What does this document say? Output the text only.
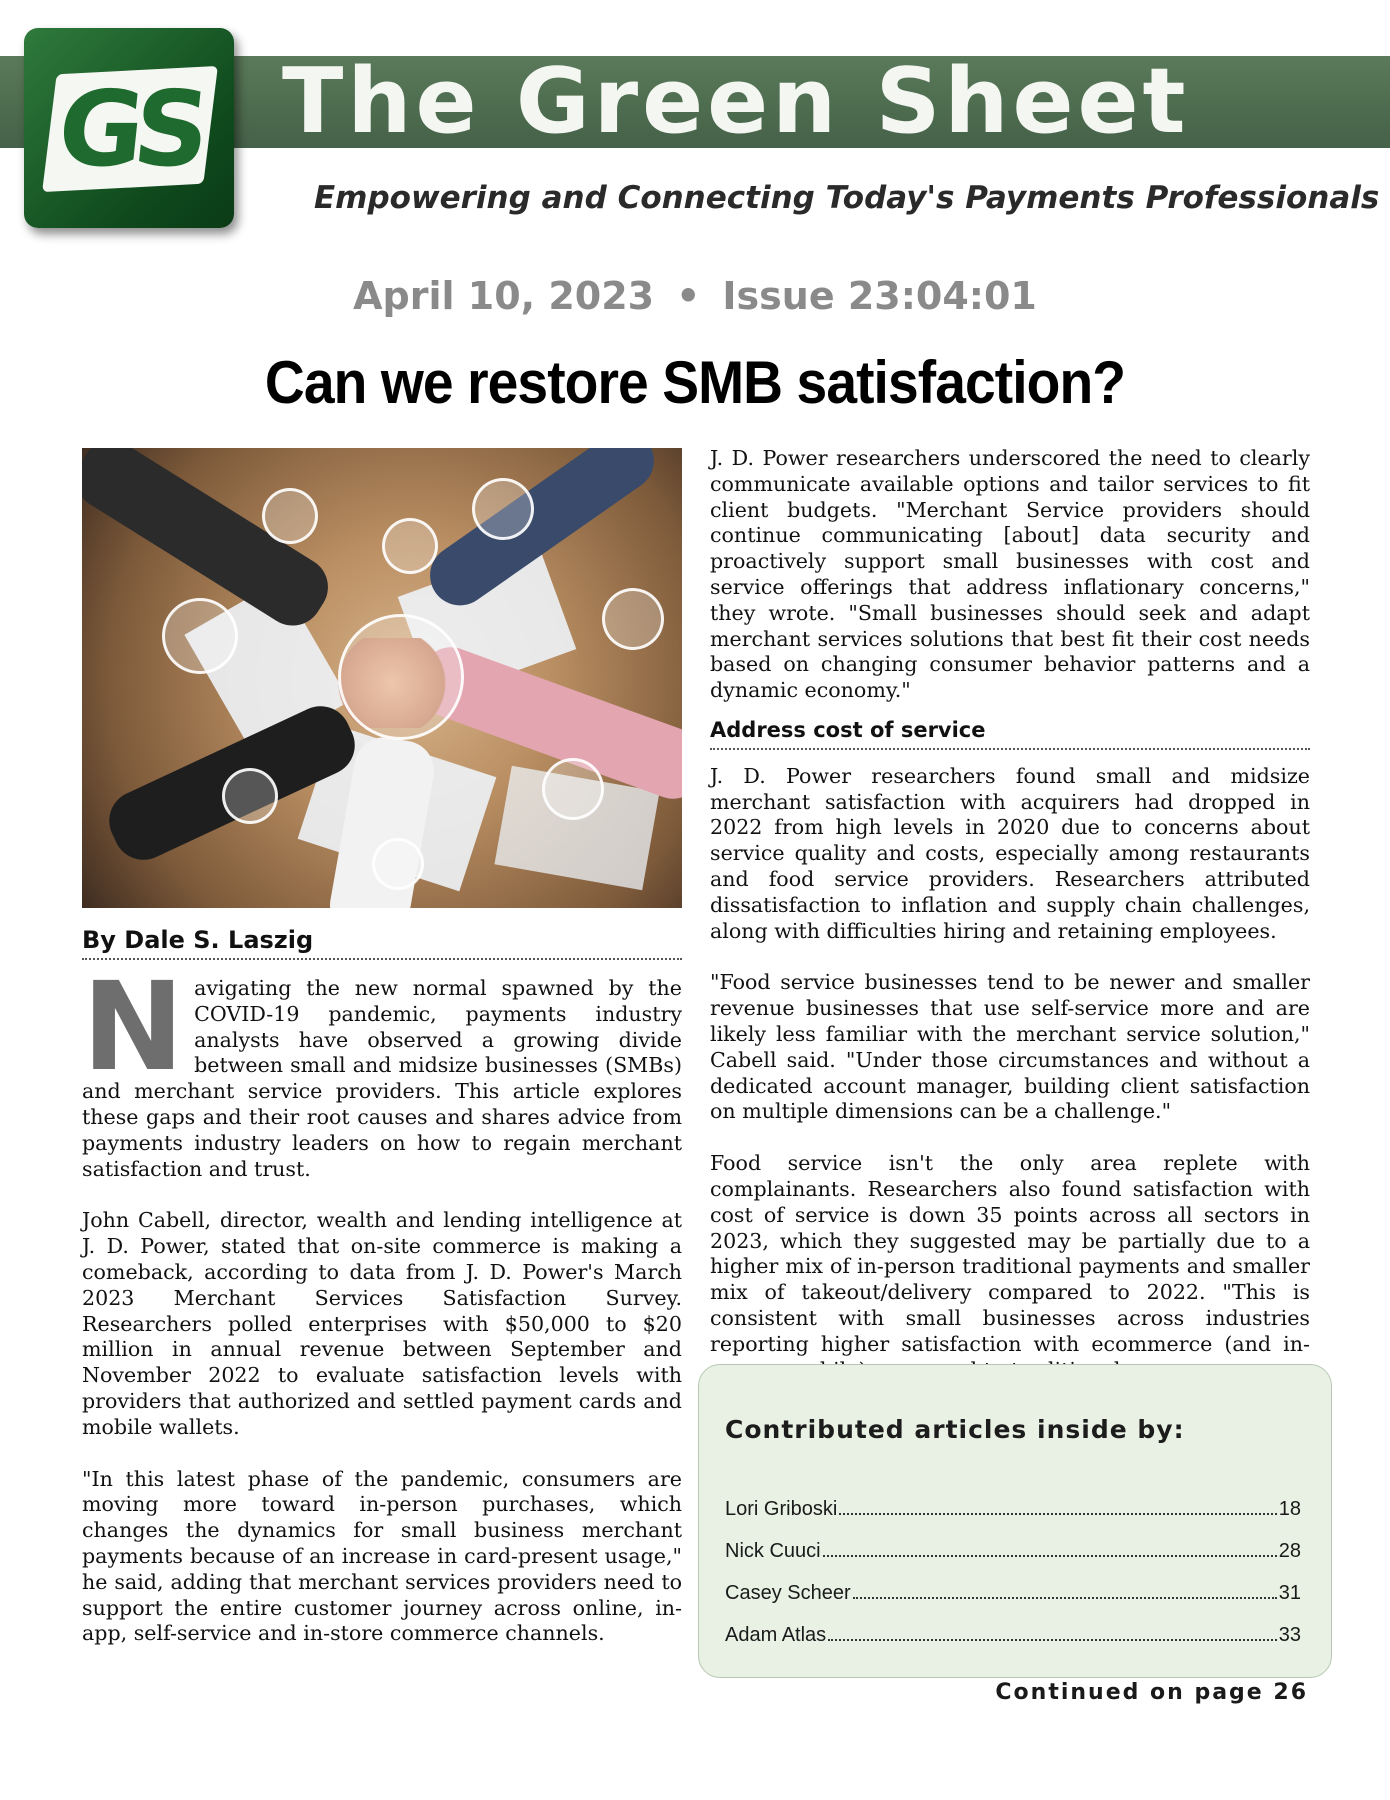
GS The Green Sheet
Empowering and Connecting Today's Payments Professionals
April 10, 2023 • Issue 23:04:01
Can we restore SMB satisfaction?
By Dale S. Laszig

Navigating the new normal spawned by the COVID-19 pandemic, payments industry analysts have observed a growing divide between small and midsize businesses (SMBs) and merchant service providers. This article explores these gaps and their root causes and shares advice from payments industry leaders on how to regain merchant satisfaction and trust.

John Cabell, director, wealth and lending intelligence at J. D. Power, stated that on-site commerce is making a comeback, according to data from J. D. Power's March 2023 Merchant Services Satisfaction Survey. Researchers polled enterprises with $50,000 to $20 million in annual revenue between September and November 2022 to evaluate satisfaction levels with providers that authorized and settled payment cards and mobile wallets.

"In this latest phase of the pandemic, consumers are moving more toward in-person purchases, which changes the dynamics for small business merchant payments because of an increase in card-present usage," he said, adding that merchant services providers need to support the entire customer journey across online, in-app, self-service and in-store commerce channels.

J. D. Power researchers underscored the need to clearly communicate available options and tailor services to fit client budgets. "Merchant Service providers should continue communicating [about] data security and proactively support small businesses with cost and service offerings that address inflationary concerns," they wrote. "Small businesses should seek and adapt merchant services solutions that best fit their cost needs based on changing consumer behavior patterns and a dynamic economy."

Address cost of service

J. D. Power researchers found small and midsize merchant satisfaction with acquirers had dropped in 2022 from high levels in 2020 due to concerns about service quality and costs, especially among restaurants and food service providers. Researchers attributed dissatisfaction to inflation and supply chain challenges, along with difficulties hiring and retaining employees.

"Food service businesses tend to be newer and smaller revenue businesses that use self-service more and are likely less familiar with the merchant service solution," Cabell said. "Under those circumstances and without a dedicated account manager, building client satisfaction on multiple dimensions can be a challenge."

Food service isn't the only area replete with complainants. Researchers also found satisfaction with cost of service is down 35 points across all sectors in 2023, which they suggested may be partially due to a higher mix of in-person traditional payments and smaller mix of takeout/delivery compared to 2022. "This is consistent with small businesses across industries reporting higher satisfaction with ecommerce (and in-

Contributed articles inside by:
Lori Griboski	18
Nick Cuuci	28
Casey Scheer	31
Adam Atlas	33
Continued on page 26
